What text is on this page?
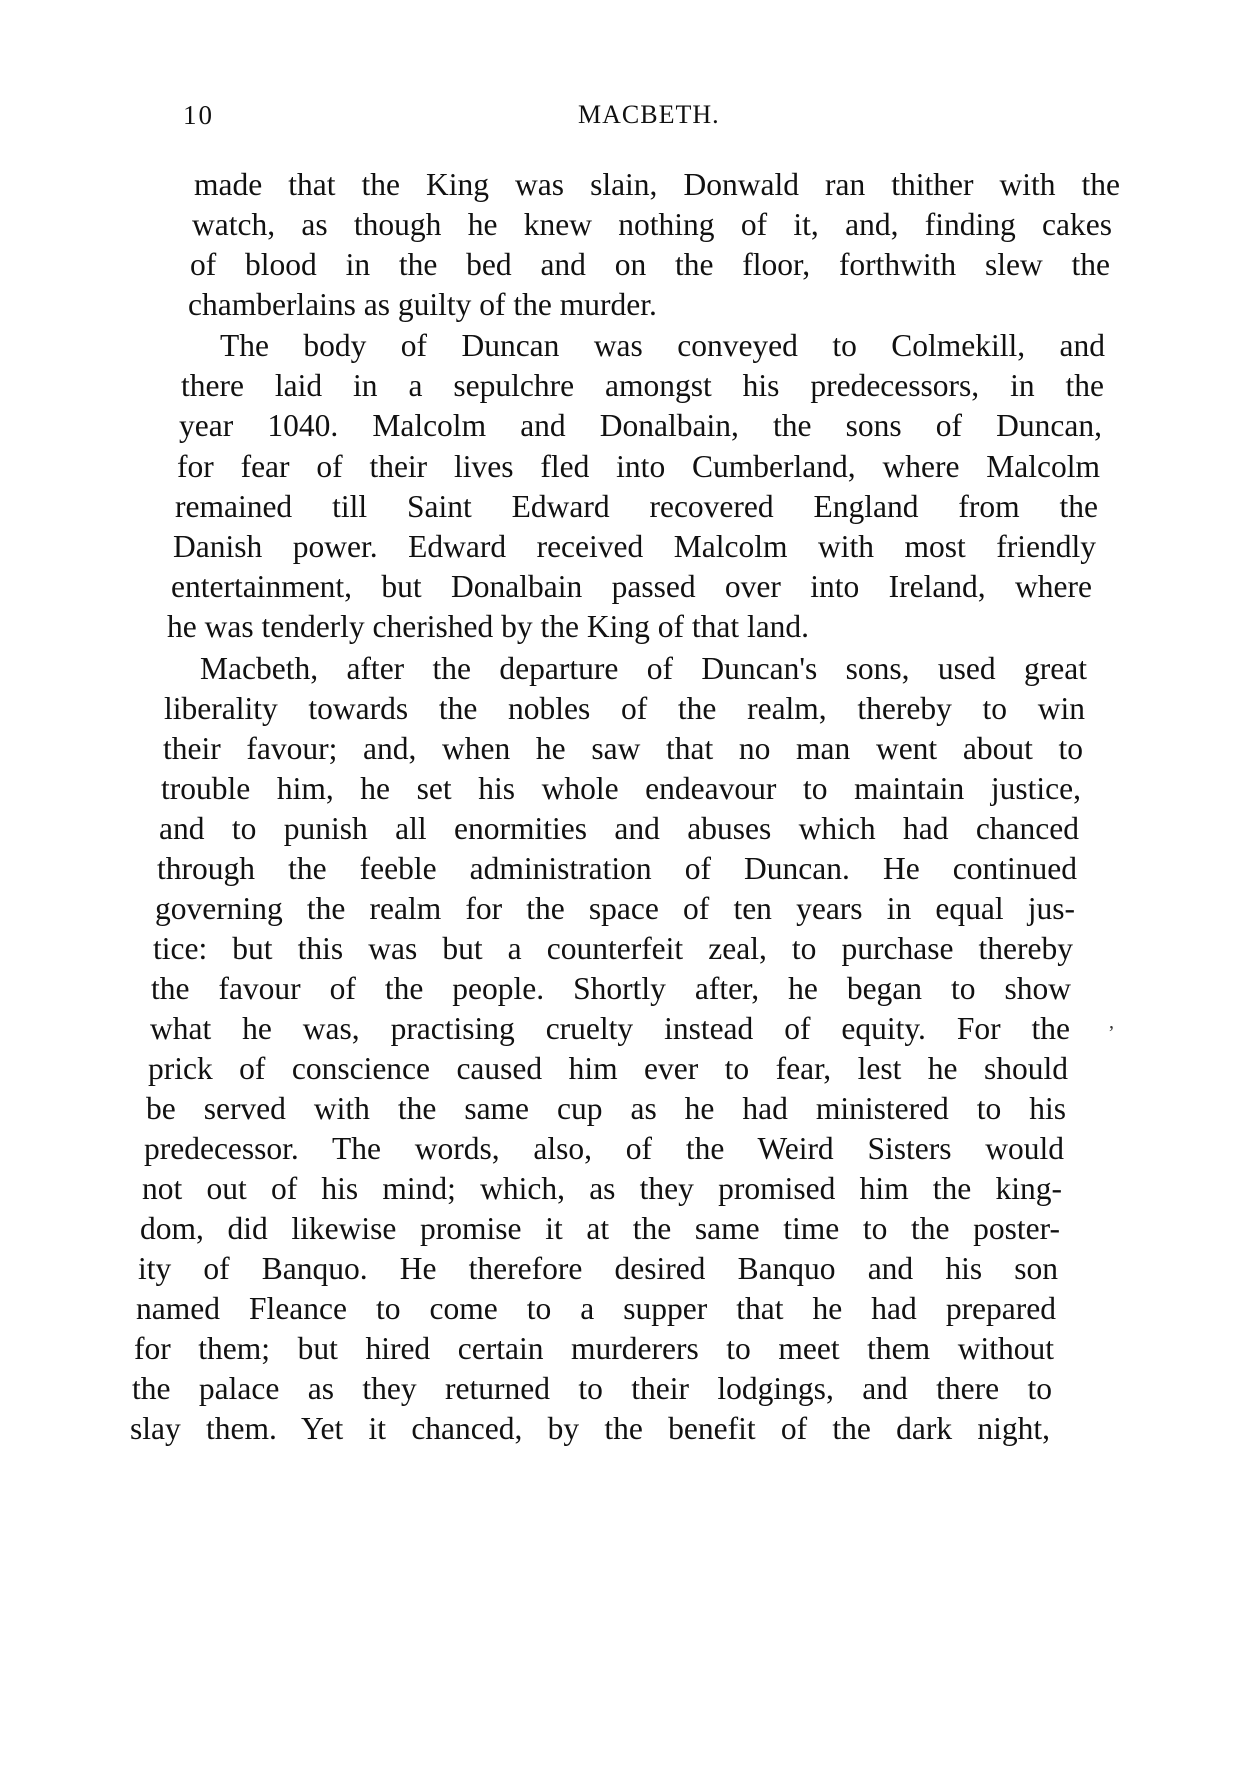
10	MACBETH.
made that the King was slain, Donwald ran thither with the
watch, as though he knew nothing of it, and, finding cakes
of blood in the bed and on the floor, forthwith slew the
chamberlains as guilty of the murder.
The body of Duncan was conveyed to Colmekill, and
there laid in a sepulchre amongst his predecessors, in the
year 1040. Malcolm and Donalbain, the sons of Duncan,
for fear of their lives fled into Cumberland, where Malcolm
remained till Saint Edward recovered England from the
Danish power. Edward received Malcolm with most friendly
entertainment, but Donalbain passed over into Ireland, where
he was tenderly cherished by the King of that land.
Macbeth, after the departure of Duncan's sons, used great
liberality towards the nobles of the realm, thereby to win
their favour; and, when he saw that no man went about to
trouble him, he set his whole endeavour to maintain justice,
and to punish all enormities and abuses which had chanced
through the feeble administration of Duncan. He continued
governing the realm for the space of ten years in equal jus-
tice: but this was but a counterfeit zeal, to purchase thereby
the favour of the people. Shortly after, he began to show
what he was, practising cruelty instead of equity. For the
prick of conscience caused him ever to fear, lest he should
be served with the same cup as he had ministered to his
predecessor. The words, also, of the Weird Sisters would
not out of his mind; which, as they promised him the king-
dom, did likewise promise it at the same time to the poster-
ity of Banquo. He therefore desired Banquo and his son
named Fleance to come to a supper that he had prepared
for them; but hired certain murderers to meet them without
the palace as they returned to their lodgings, and there to
slay them. Yet it chanced, by the benefit of the dark night,
’
